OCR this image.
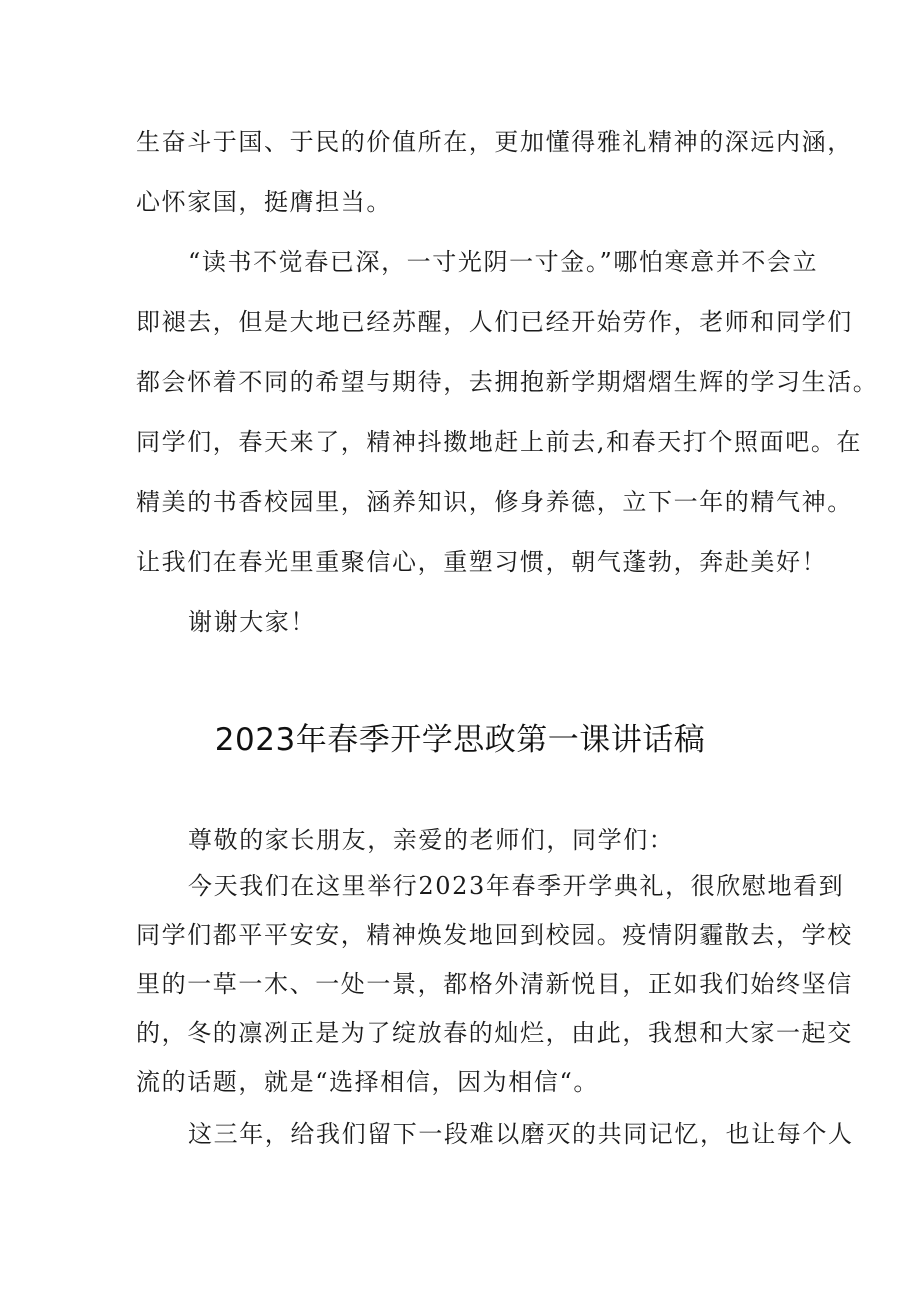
生奋斗于国、于民的价值所在，更加懂得雅礼精神的深远内涵，

心怀家国，挺膺担当。

“读书不觉春已深，一寸光阴一寸金。”哪怕寒意并不会立

即褪去，但是大地已经苏醒，人们已经开始劳作，老师和同学们

都会怀着不同的希望与期待，去拥抱新学期熠熠生辉的学习生活。

同学们，春天来了，精神抖擞地赶上前去,和春天打个照面吧。在

精美的书香校园里，涵养知识，修身养德，立下一年的精气神。

让我们在春光里重聚信心，重塑习惯，朝气蓬勃，奔赴美好！

谢谢大家！

2023年春季开学思政第一课讲话稿

尊敬的家长朋友，亲爱的老师们，同学们：

今天我们在这里举行2023年春季开学典礼，很欣慰地看到

同学们都平平安安，精神焕发地回到校园。疫情阴霾散去，学校

里的一草一木、一处一景，都格外清新悦目，正如我们始终坚信

的，冬的凛冽正是为了绽放春的灿烂，由此，我想和大家一起交

流的话题，就是“选择相信，因为相信“。

这三年，给我们留下一段难以磨灭的共同记忆，也让每个人
